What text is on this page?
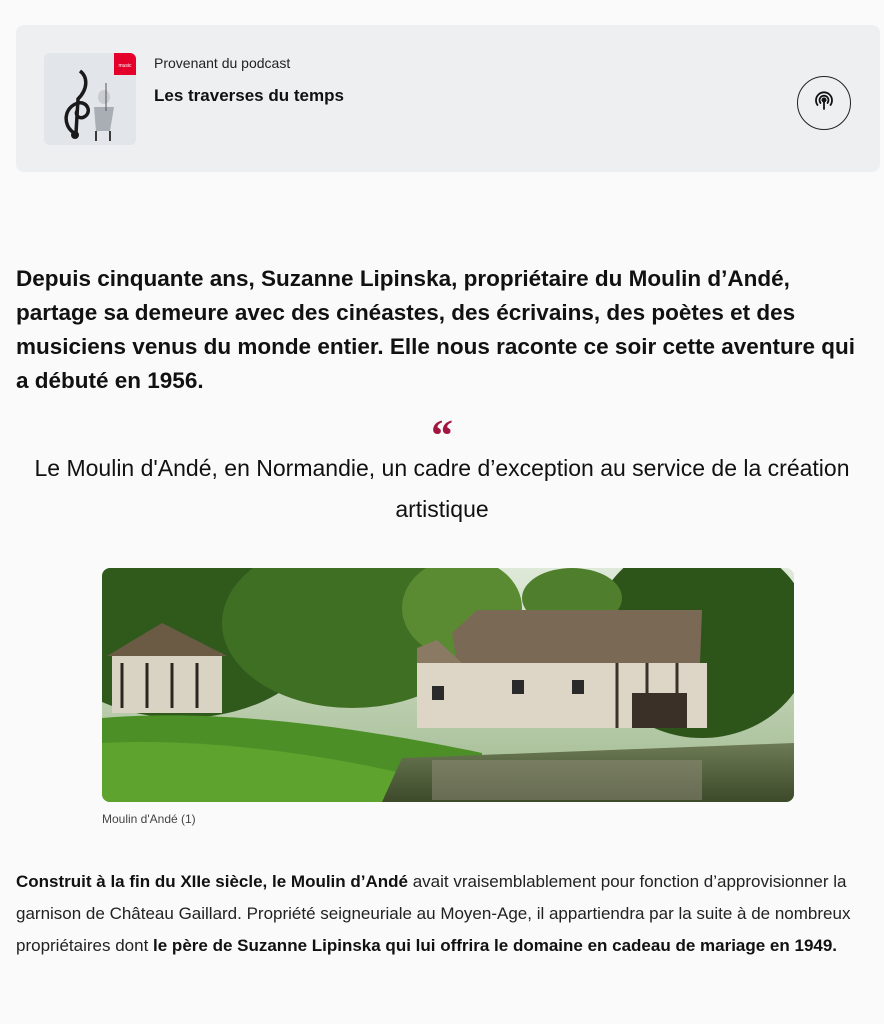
music Provenant du podcast
Les traverses du temps

Depuis cinquante ans, Suzanne Lipinska, propriétaire du Moulin d’Andé, partage sa demeure avec des cinéastes, des écrivains, des poètes et des musiciens venus du monde entier. Elle nous raconte ce soir cette aventure qui a débuté en 1956.

“

Le Moulin d'Andé, en Normandie, un cadre d’exception au service de la création artistique

Moulin d'Andé (1)

Construit à la fin du XIIe siècle, le Moulin d’Andé avait vraisemblablement pour fonction d’approvisionner la garnison de Château Gaillard. Propriété seigneuriale au Moyen-Age, il appartiendra par la suite à de nombreux propriétaires dont le père de Suzanne Lipinska qui lui offrira le domaine en cadeau de mariage en 1949.
